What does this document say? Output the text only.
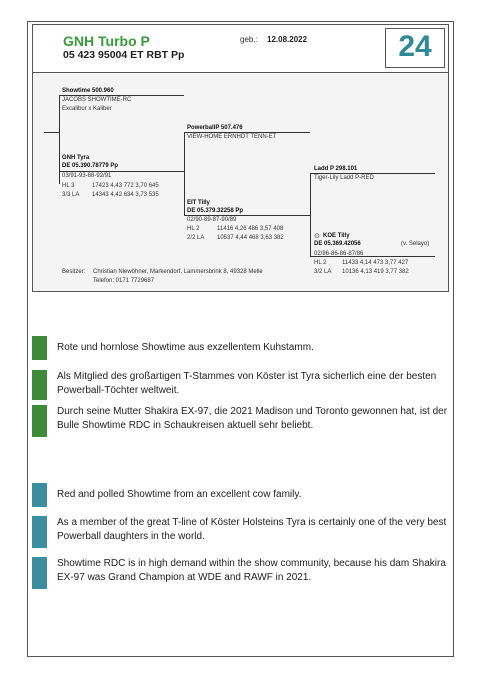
GNH Turbo P
05 423 95004 ET RBT Pp
geb.: 12.08.2022	24
Showtime 500.960
JACOBS SHOWTIME-RC
Excalibur x Kaliber
GNH Tyra
DE 05.390.78779 Pp
03/91-93-88-92/91
HL 3	17423 4,43 772 3,70 645
3/3 LA 14343 4,42 634 3,73 535
PowerballP 507.476
VIEW-HOME ERNHDT TENN-ET
EIT Tilly
DE 05.379.32258 Pp
02/90-89-87-90/89
HL 2	11416 4,26 486 3,57 408
2/2 LA 10537 4,44 468 3,63 382
Ladd P 298.101
Tiger-Lily Ladd P-RED
⊙ KOE Tilly
DE 05.369.42056	(v. Selayo)
02/86-86-86-87/86
HL 2	11433 4,14 473 3,77 427
3/2 LA 10136 4,13 419 3,77 382
Besitzer: Christian Niewöhner, Markendorf, Lammersbrink 8, 49328 Melle
Telefon: 0171 7729687
Rote und hornlose Showtime aus exzellentem Kuhstamm.
Als Mitglied des großartigen T-Stammes von Köster ist Tyra sicherlich eine der besten Powerball-Töchter weltweit.
Durch seine Mutter Shakira EX-97, die 2021 Madison und Toronto gewonnen hat, ist der Bulle Showtime RDC in Schaukreisen aktuell sehr beliebt.
Red and polled Showtime from an excellent cow family.
As a member of the great T-line of Köster Holsteins Tyra is certainly one of the very best Powerball daughters in the world.
Showtime RDC is in high demand within the show community, because his dam Shakira EX-97 was Grand Champion at WDE and RAWF in 2021.
